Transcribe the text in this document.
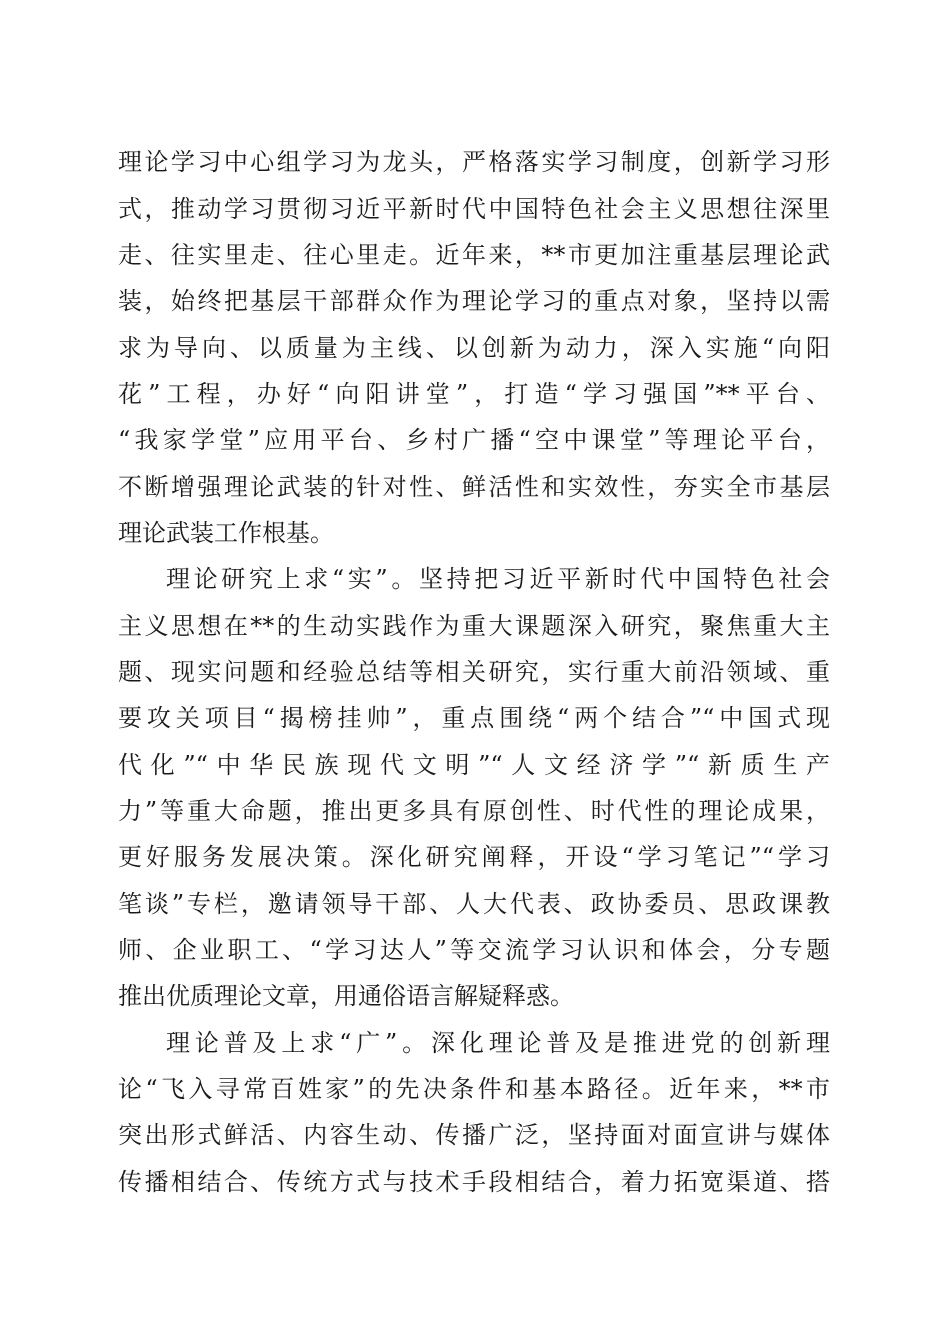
理论学习中心组学习为龙头，严格落实学习制度，创新学习形
式，推动学习贯彻习近平新时代中国特色社会主义思想往深里
走、往实里走、往心里走。近年来，**市更加注重基层理论武
装，始终把基层干部群众作为理论学习的重点对象，坚持以需
求为导向、以质量为主线、以创新为动力，深入实施“向阳
花”工程，办好“向阳讲堂”，打造“学习强国”**平台、
“我家学堂”应用平台、乡村广播“空中课堂”等理论平台，
不断增强理论武装的针对性、鲜活性和实效性，夯实全市基层
理论武装工作根基。
理论研究上求“实”。坚持把习近平新时代中国特色社会
主义思想在**的生动实践作为重大课题深入研究，聚焦重大主
题、现实问题和经验总结等相关研究，实行重大前沿领域、重
要攻关项目“揭榜挂帅”，重点围绕“两个结合”“中国式现
代化”“中华民族现代文明”“人文经济学”“新质生产
力”等重大命题，推出更多具有原创性、时代性的理论成果，
更好服务发展决策。深化研究阐释，开设“学习笔记”“学习
笔谈”专栏，邀请领导干部、人大代表、政协委员、思政课教
师、企业职工、“学习达人”等交流学习认识和体会，分专题
推出优质理论文章，用通俗语言解疑释惑。
理论普及上求“广”。深化理论普及是推进党的创新理
论“飞入寻常百姓家”的先决条件和基本路径。近年来，**市
突出形式鲜活、内容生动、传播广泛，坚持面对面宣讲与媒体
传播相结合、传统方式与技术手段相结合，着力拓宽渠道、搭
